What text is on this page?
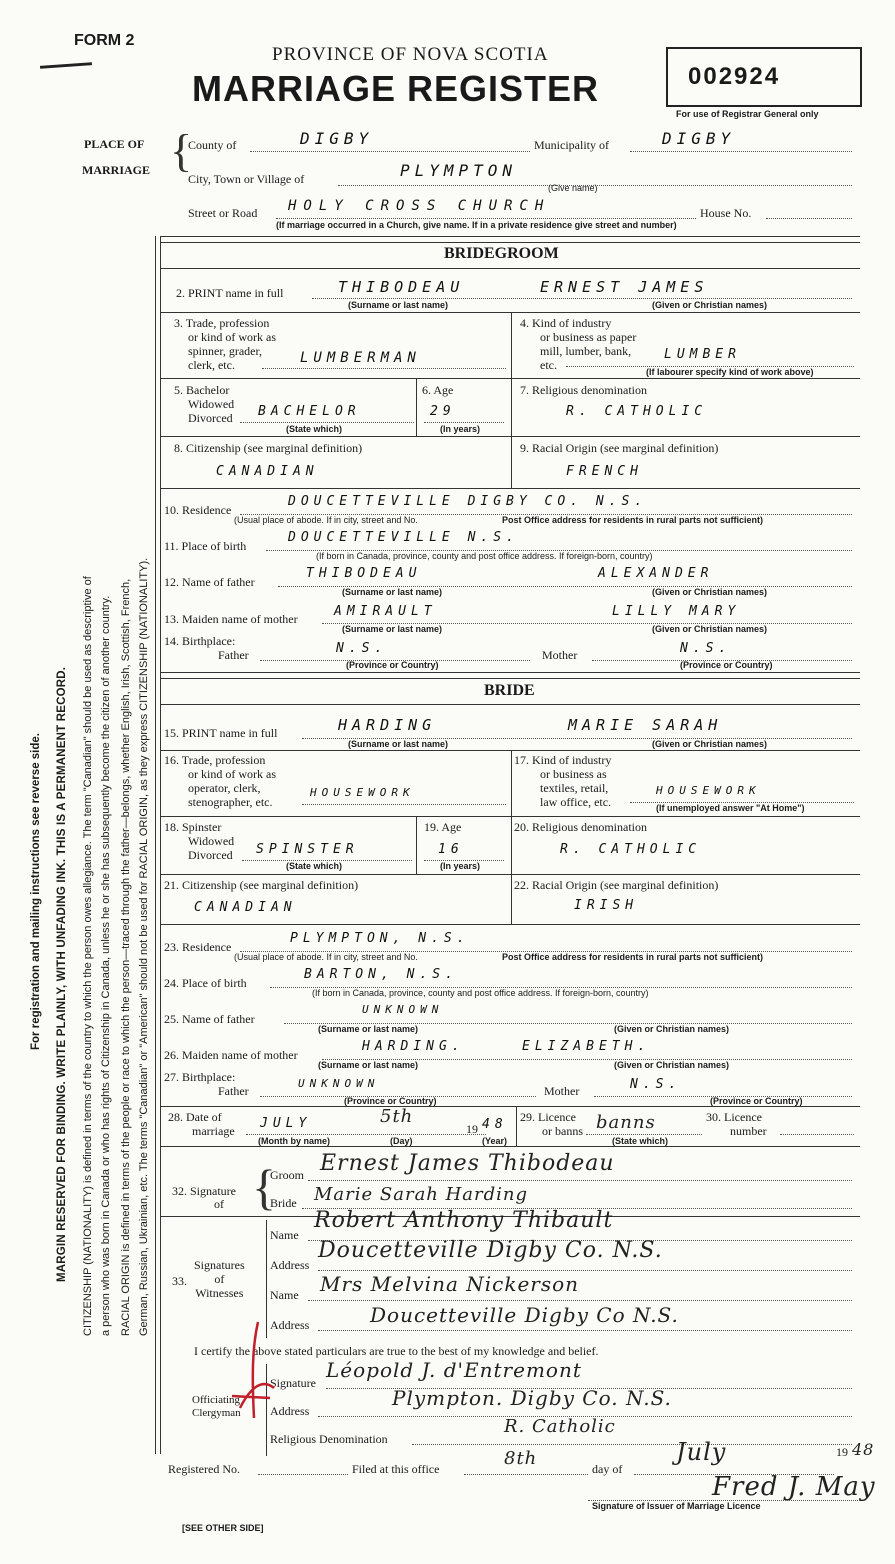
FORM 2
PROVINCE OF NOVA SCOTIA
MARRIAGE REGISTER	002924
For use of Registrar General only
PLACE OF
MARRIAGE {
County of	DIGBY	Municipality of	DIGBY
City, Town or Village of	PLYMPTON
(Give name)
Street or Road HOLY CROSS CHURCH	House No.
(If marriage occurred in a Church, give name. If in a private residence give street and number)
BRIDEGROOM
2. PRINT name in full	THIBODEAU	ERNEST JAMES
(Surname or last name)	(Given or Christian names)
3. Trade, profession
or kind of work as
spinner, grader,
clerk, etc.	LUMBERMAN
4. Kind of industry
or business as paper
mill, lumber, bank,
etc.
LUMBER
(If labourer specify kind of work above)
5. Bachelor
Widowed
Divorced BACHELOR
(State which)
6. Age
29
(In years)
7. Religious denomination
R. CATHOLIC
8. Citizenship (see marginal definition)
CANADIAN
9. Racial Origin (see marginal definition)
FRENCH
10. Residence
DOUCETTEVILLE DIGBY CO. N.S.
(Usual place of abode. If in city, street and No.	Post Office address for residents in rural parts not sufficient)
11. Place of birth
DOUCETTEVILLE N.S.
(If born in Canada, province, county and post office address. If foreign-born, country)
12. Name of father
THIBODEAU	ALEXANDER
(Surname or last name)	(Given or Christian names)
13. Maiden name of mother	AMIRAULT	LILLY MARY
(Surname or last name)	(Given or Christian names)
14. Birthplace:
Father	N.S.	Mother	N.S.
(Province or Country)	(Province or Country)
BRIDE
15. PRINT name in full	HARDING	MARIE SARAH
(Surname or last name)	(Given or Christian names)
16. Trade, profession
or kind of work as
operator, clerk,
stenographer, etc.
HOUSEWORK
17. Kind of industry
or business as
textiles, retail,
law office, etc.
HOUSEWORK
(If unemployed answer "At Home")
18. Spinster
Widowed
Divorced SPINSTER
(State which)
19. Age
16
(In years)
20. Religious denomination
R. CATHOLIC
21. Citizenship (see marginal definition)
CANADIAN
22. Racial Origin (see marginal definition)
IRISH
23. Residence
PLYMPTON, N.S.
(Usual place of abode. If in city, street and No.	Post Office address for residents in rural parts not sufficient)
24. Place of birth
BARTON, N.S.
(If born in Canada, province, county and post office address. If foreign-born, country)
25. Name of father
UNKNOWN
(Surname or last name)	(Given or Christian names)
26. Maiden name of mother
HARDING.	ELIZABETH.
(Surname or last name)	(Given or Christian names)
27. Birthplace:
Father
UNKNOWN
Mother	N.S.
(Province or Country)	(Province or Country)
28. Date of
marriage JULY	5th
19 48
(Month by name)	(Day)	(Year)
29. Licence
or banns banns
(State which)
30. Licence
number
32. Signature
of {
Groom Ernest James Thibodeau
Bride Marie Sarah Harding
33.
Signatures
of
Witnesses
Name
Robert Anthony Thibault
Address
Doucetteville Digby Co. N.S.
Name Mrs Melvina Nickerson
Address	Doucetteville Digby Co N.S.
I certify the above stated particulars are true to the best of my knowledge and belief.
Officiating
Clergyman
Signature
Léopold J. d'Entremont
Address
Plympton. Digby Co. N.S.
Religious Denomination
R. Catholic
Registered No.	Filed at this office	8th	day of
July	19 48
Fred J. May
Signature of Issuer of Marriage Licence
[SEE OTHER SIDE]
For registration and mailing instructions see reverse side. MARGIN RESERVED FOR BINDING. WRITE PLAINLY, WITH UNFADING INK. THIS IS A PERMANENT RECORD. CITIZENSHIP (NATIONALITY) is defined in terms of the country to which the person owes allegiance. The term "Canadian" should be used as descriptive of a person who was born in Canada or who has rights of Citizenship in Canada, unless he or she has subsequently become the citizen of another country. RACIAL ORIGIN is defined in terms of the people or race to which the person—traced through the father—belongs, whether English, Irish, Scottish, French, German, Russian, Ukrainian, etc. The terms "Canadian" or "American" should not be used for RACIAL ORIGIN, as they express CITIZENSHIP (NATIONALITY).
